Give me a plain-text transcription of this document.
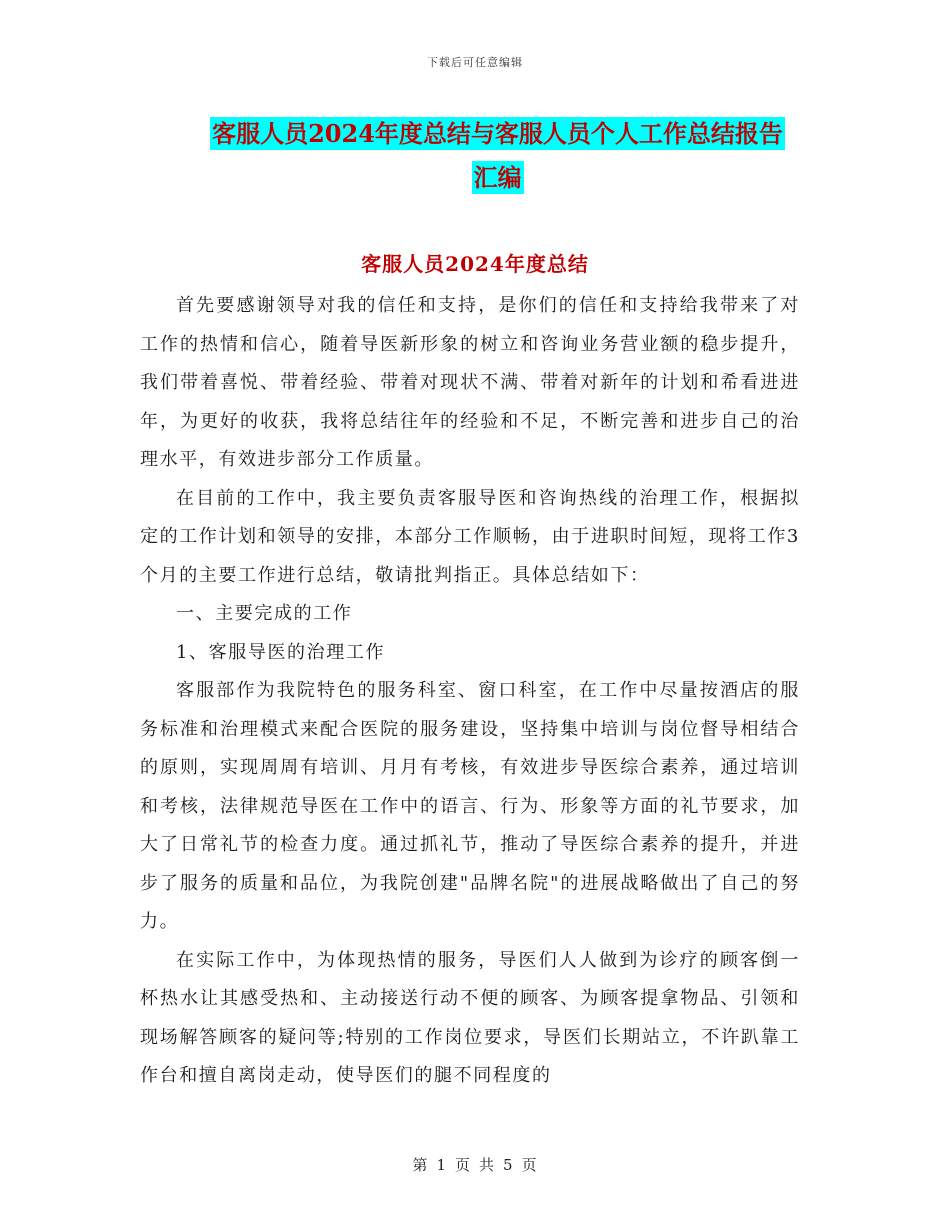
下载后可任意编辑
客服人员2024年度总结与客服人员个人工作总结报告
汇编
客服人员2024年度总结

首先要感谢领导对我的信任和支持，是你们的信任和支持给我带来了对工作的热情和信心，随着导医新形象的树立和咨询业务营业额的稳步提升，我们带着喜悦、带着经验、带着对现状不满、带着对新年的计划和希看进进年，为更好的收获，我将总结往年的经验和不足，不断完善和进步自己的治理水平，有效进步部分工作质量。

在目前的工作中，我主要负责客服导医和咨询热线的治理工作，根据拟定的工作计划和领导的安排，本部分工作顺畅，由于进职时间短，现将工作3个月的主要工作进行总结，敬请批判指正。具体总结如下：

一、主要完成的工作

1、客服导医的治理工作

客服部作为我院特色的服务科室、窗口科室，在工作中尽量按酒店的服务标准和治理模式来配合医院的服务建设，坚持集中培训与岗位督导相结合的原则，实现周周有培训、月月有考核，有效进步导医综合素养，通过培训和考核，法律规范导医在工作中的语言、行为、形象等方面的礼节要求，加大了日常礼节的检查力度。通过抓礼节，推动了导医综合素养的提升，并进步了服务的质量和品位，为我院创建"品牌名院"的进展战略做出了自己的努力。

在实际工作中，为体现热情的服务，导医们人人做到为诊疗的顾客倒一杯热水让其感受热和、主动接送行动不便的顾客、为顾客提拿物品、引领和现场解答顾客的疑问等;特别的工作岗位要求，导医们长期站立，不许趴靠工作台和擅自离岗走动，使导医们的腿不同程度的

第 1 页 共 5 页
